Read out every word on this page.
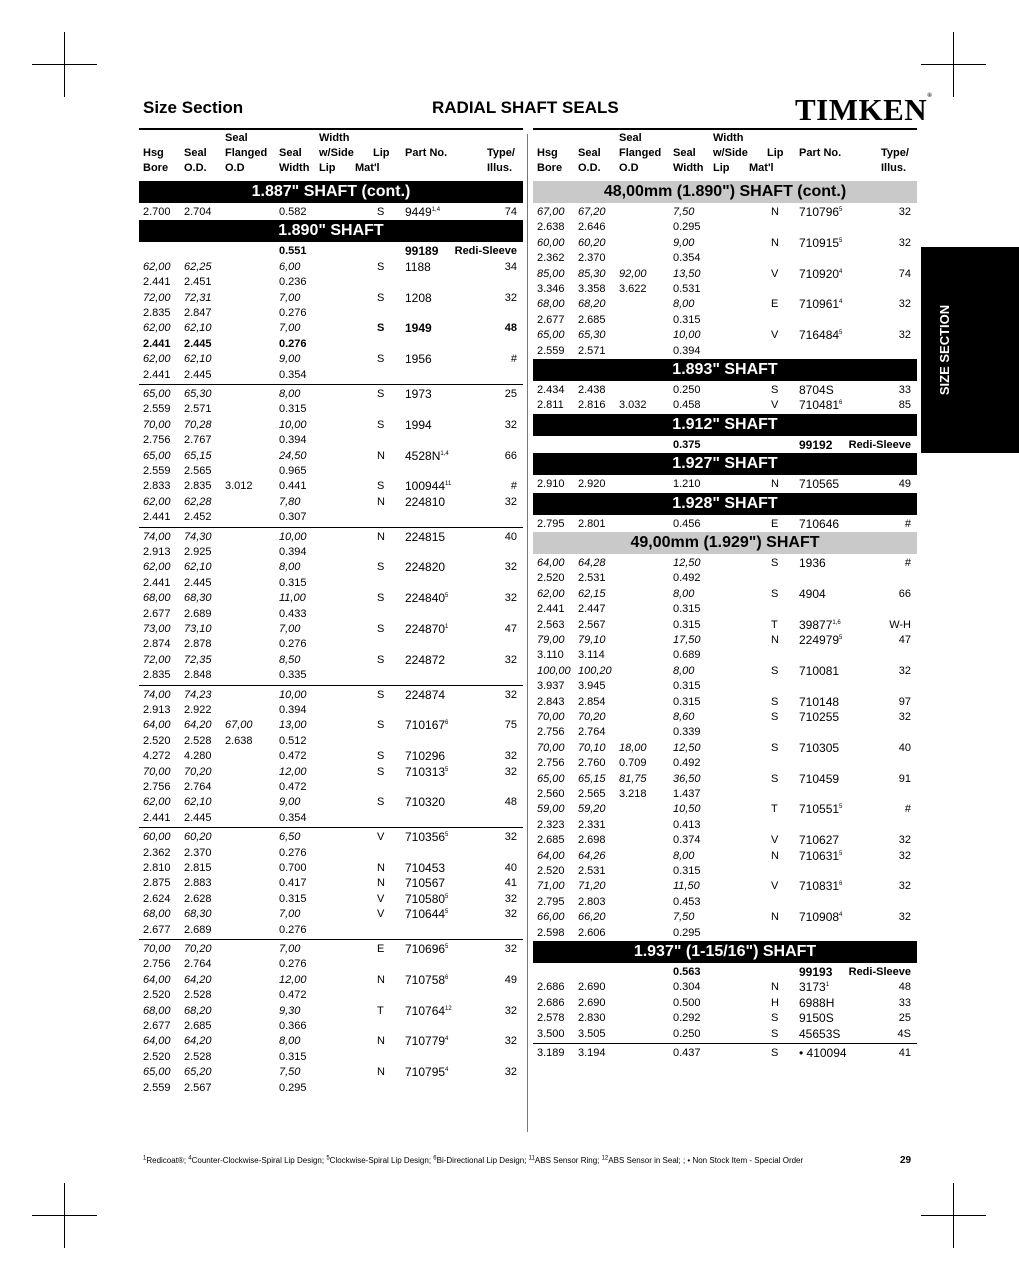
Size Section	RADIAL SHAFT SEALS	TIMKEN®
SIZE SECTION
Seal	Width
Hsg Seal Flanged Seal w/Side Lip Part No.	Type/
Bore O.D. O.D	Width Lip Mat'l	Illus.
Seal	Width
Hsg Seal Flanged Seal w/Side Lip Part No.	Type/
Bore O.D. O.D	Width Lip Mat'l	Illus.
1.887" SHAFT (cont.)
2.700 2.704	0.582	S 9449$^{1,4}$	74
1.890" SHAFT
0.551	99189 Redi-Sleeve
62,00 62,25	6,00	S 1188	34
2.441 2.451	0.236
72,00 72,31	7,00	S 1208	32
2.835 2.847	0.276
62,00 62,10	7,00	S 1949	48
2.441 2.445	0.276
62,00 62,10	9,00	S 1956	#
2.441 2.445	0.354
65,00 65,30	8,00	S 1973	25
2.559 2.571	0.315
70,00 70,28	10,00	S 1994	32
2.756 2.767	0.394
65,00 65,15	24,50	N $4528N^{1,4}$	66
2.559 2.565	0.965
2.833 2.835 3.012 0.441	S 100944$^{11}$	#
62,00 62,28	7,80	N 224810	32
2.441 2.452	0.307
74,00 74,30	10,00	N 224815	40
2.913 2.925	0.394
62,00 62,10	8,00	S 224820	32
2.441 2.445	0.315
68,00 68,30	11,00	S 224840$^5$	32
2.677 2.689	0.433
73,00 73,10	7,00	S 224870$^1$	47
2.874 2.878	0.276
72,00 72,35	8,50	S 224872	32
2.835 2.848	0.335
74,00 74,23	10,00	S 224874	32
2.913 2.922	0.394
64,00 64,20 67,00 13,00	S 710167$^6$	75
2.520 2.528 2.638 0.512
4.272 4.280	0.472	S 710296	32
70,00 70,20	12,00	S 710313$^5$	32
2.756 2.764	0.472
62,00 62,10	9,00	S 710320	48
2.441 2.445	0.354
60,00 60,20	6,50	V 710356$^5$	32
2.362 2.370	0.276
2.810 2.815	0.700	N 710453	40
2.875 2.883	0.417	N 710567	41
2.624 2.628	0.315	V 710580$^5$	32
68,00 68,30	7,00	V 710644$^5$	32
2.677 2.689	0.276
70,00 70,20	7,00	E 710696$^5$	32
2.756 2.764	0.276
64,00 64,20	12,00	N 710758$^6$	49
2.520 2.528	0.472
68,00 68,20	9,30	T 710764$^{12}$	32
2.677 2.685	0.366
64,00 64,20	8,00	N 710779$^4$	32
2.520 2.528	0.315
65,00 65,20	7,50	N 710795$^4$	32
2.559 2.567	0.295
48,00mm (1.890") SHAFT (cont.)
67,00 67,20	7,50	N 710796$^5$	32
2.638 2.646	0.295
60,00 60,20	9,00	N 710915$^5$	32
2.362 2.370	0.354
85,00 85,30 92,00 13,50	V 710920$^4$	74
3.346 3.358 3.622 0.531
68,00 68,20	8,00	E 710961$^4$	32
2.677 2.685	0.315
65,00 65,30	10,00	V 716484$^5$	32
2.559 2.571	0.394
1.893" SHAFT
2.434 2.438	0.250	S 8704S	33
2.811 2.816 3.032 0.458	V 710481$^6$	85
1.912" SHAFT
0.375	99192 Redi-Sleeve
1.927" SHAFT
2.910 2.920	1.210	N 710565	49
1.928" SHAFT
2.795 2.801	0.456	E 710646	#
49,00mm (1.929") SHAFT
64,00 64,28	12,50	S 1936	#
2.520 2.531	0.492
62,00 62,15	8,00	S 4904	66
2.441 2.447	0.315
2.563 2.567	0.315	T 39877$^{1,6}$	W-H
79,00 79,10	17,50	N 224979$^5$	47
3.110 3.114	0.689
100,00 100,20	8,00	S 710081	32
3.937 3.945	0.315
2.843 2.854	0.315	S 710148	97
70,00 70,20	8,60	S 710255	32
2.756 2.764	0.339
70,00 70,10 18,00 12,50	S 710305	40
2.756 2.760 0.709 0.492
65,00 65,15 81,75 36,50	S 710459	91
2.560 2.565 3.218 1.437
59,00 59,20	10,50	T 710551$^5$	#
2.323 2.331	0.413
2.685 2.698	0.374	V 710627	32
64,00 64,26	8,00	N 710631$^5$	32
2.520 2.531	0.315
71,00 71,20	11,50	V 710831$^6$	32
2.795 2.803	0.453
66,00 66,20	7,50	N 710908$^4$	32
2.598 2.606	0.295
1.937" (1-15/16") SHAFT
0.563	99193 Redi-Sleeve
2.686 2.690	0.304	N 3173$^1$	48
2.686 2.690	0.500	H 6988H	33
2.578 2.830	0.292	S 9150S	25
3.500 3.505	0.250	S 45653S	4S
3.189 3.194	0.437	S • 410094	41
$^1$Redicoat®; $^4$Counter-Clockwise-Spiral Lip Design; $^5$Clockwise-Spiral Lip Design; $^6$Bi-Directional Lip Design; $^{11}$ABS Sensor Ring; $^{12}$ABS Sensor in Seal; ; • Non Stock Item - Special Order	29
